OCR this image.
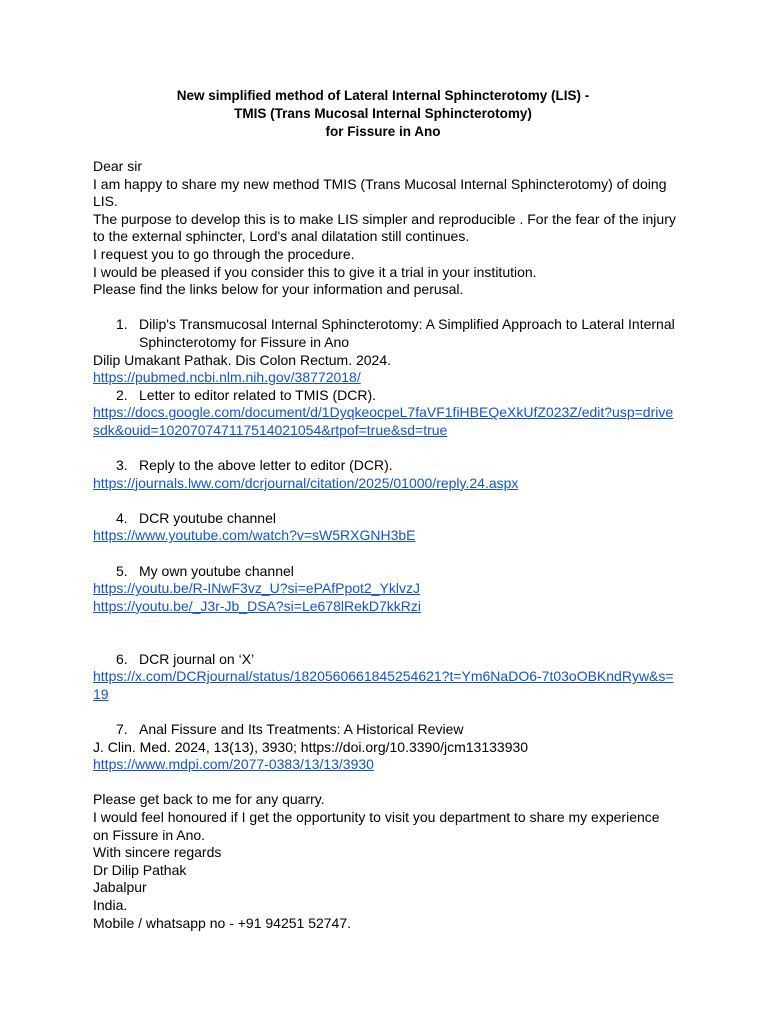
New simplified method of Lateral Internal Sphincterotomy (LIS) -
TMIS (Trans Mucosal Internal Sphincterotomy)
for Fissure in Ano

Dear sir

I am happy to share my new method TMIS (Trans Mucosal Internal Sphincterotomy) of doing LIS.

The purpose to develop this is to make LIS simpler and reproducible . For the fear of the injury to the external sphincter, Lord's anal dilatation still continues.

I request you to go through the procedure.

I would be pleased if you consider this to give it a trial in your institution.

Please find the links below for your information and perusal.

1. Dilip's Transmucosal Internal Sphincterotomy: A Simplified Approach to Lateral Internal Sphincterotomy for Fissure in Ano

Dilip Umakant Pathak. Dis Colon Rectum. 2024.

https://pubmed.ncbi.nlm.nih.gov/38772018/

2. Letter to editor related to TMIS (DCR).

https://docs.google.com/document/d/1DyqkeocpeL7faVF1fiHBEQeXkUfZ023Z/edit?usp=drivesdk&ouid=102070747117514021054&rtpof=true&sd=true

3. Reply to the above letter to editor (DCR).

https://journals.lww.com/dcrjournal/citation/2025/01000/reply.24.aspx

4. DCR youtube channel

https://www.youtube.com/watch?v=sW5RXGNH3bE

5. My own youtube channel

https://youtu.be/R-INwF3vz_U?si=ePAfPpot2_YklvzJ

https://youtu.be/_J3r-Jb_DSA?si=Le678lRekD7kkRzi

6. DCR journal on ‘X’

https://x.com/DCRjournal/status/1820560661845254621?t=Ym6NaDO6-7t03oOBKndRyw&s=19

7. Anal Fissure and Its Treatments: A Historical Review

J. Clin. Med. 2024, 13(13), 3930; https://doi.org/10.3390/jcm13133930

https://www.mdpi.com/2077-0383/13/13/3930

Please get back to me for any quarry.

I would feel honoured if I get the opportunity to visit you department to share my experience on Fissure in Ano.

With sincere regards

Dr Dilip Pathak

Jabalpur

India.

Mobile / whatsapp no - +91 94251 52747.
